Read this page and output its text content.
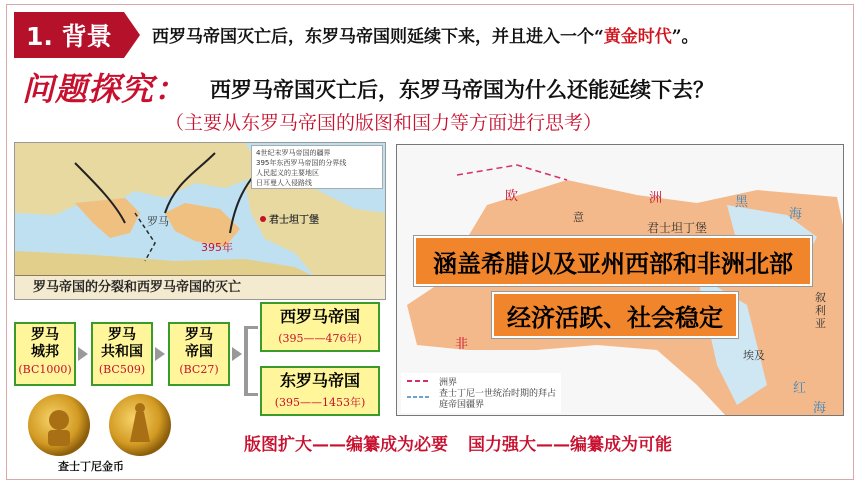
1. 背景	西罗马帝国灭亡后，东罗马帝国则延续下来，并且进入一个“黄金时代”。
问题探究： 西罗马帝国灭亡后，东罗马帝国为什么还能延续下去？
（主要从东罗马帝国的版图和国力等方面进行思考）
4世纪末罗马帝国的疆界
395年东西罗马帝国的分界线
人民起义的主要地区
日耳曼人入侵路线
罗马	君士坦丁堡
395年
罗马帝国的分裂和西罗马帝国的灭亡
欧	洲
君士坦丁堡
意
黑
海
叙利亚
埃及
非
红
海
洲界
查士丁尼一世统治时期的拜占庭帝国疆界
涵盖希腊以及亚州西部和非洲北部
经济活跃、社会稳定
罗马
城邦
(BC1000)
罗马
共和国
(BC509)
罗马
帝国
(BC27)
西罗马帝国
(395——476年)
东罗马帝国
(395——1453年)
查士丁尼金币
版图扩大——编纂成为必要 国力强大——编纂成为可能
